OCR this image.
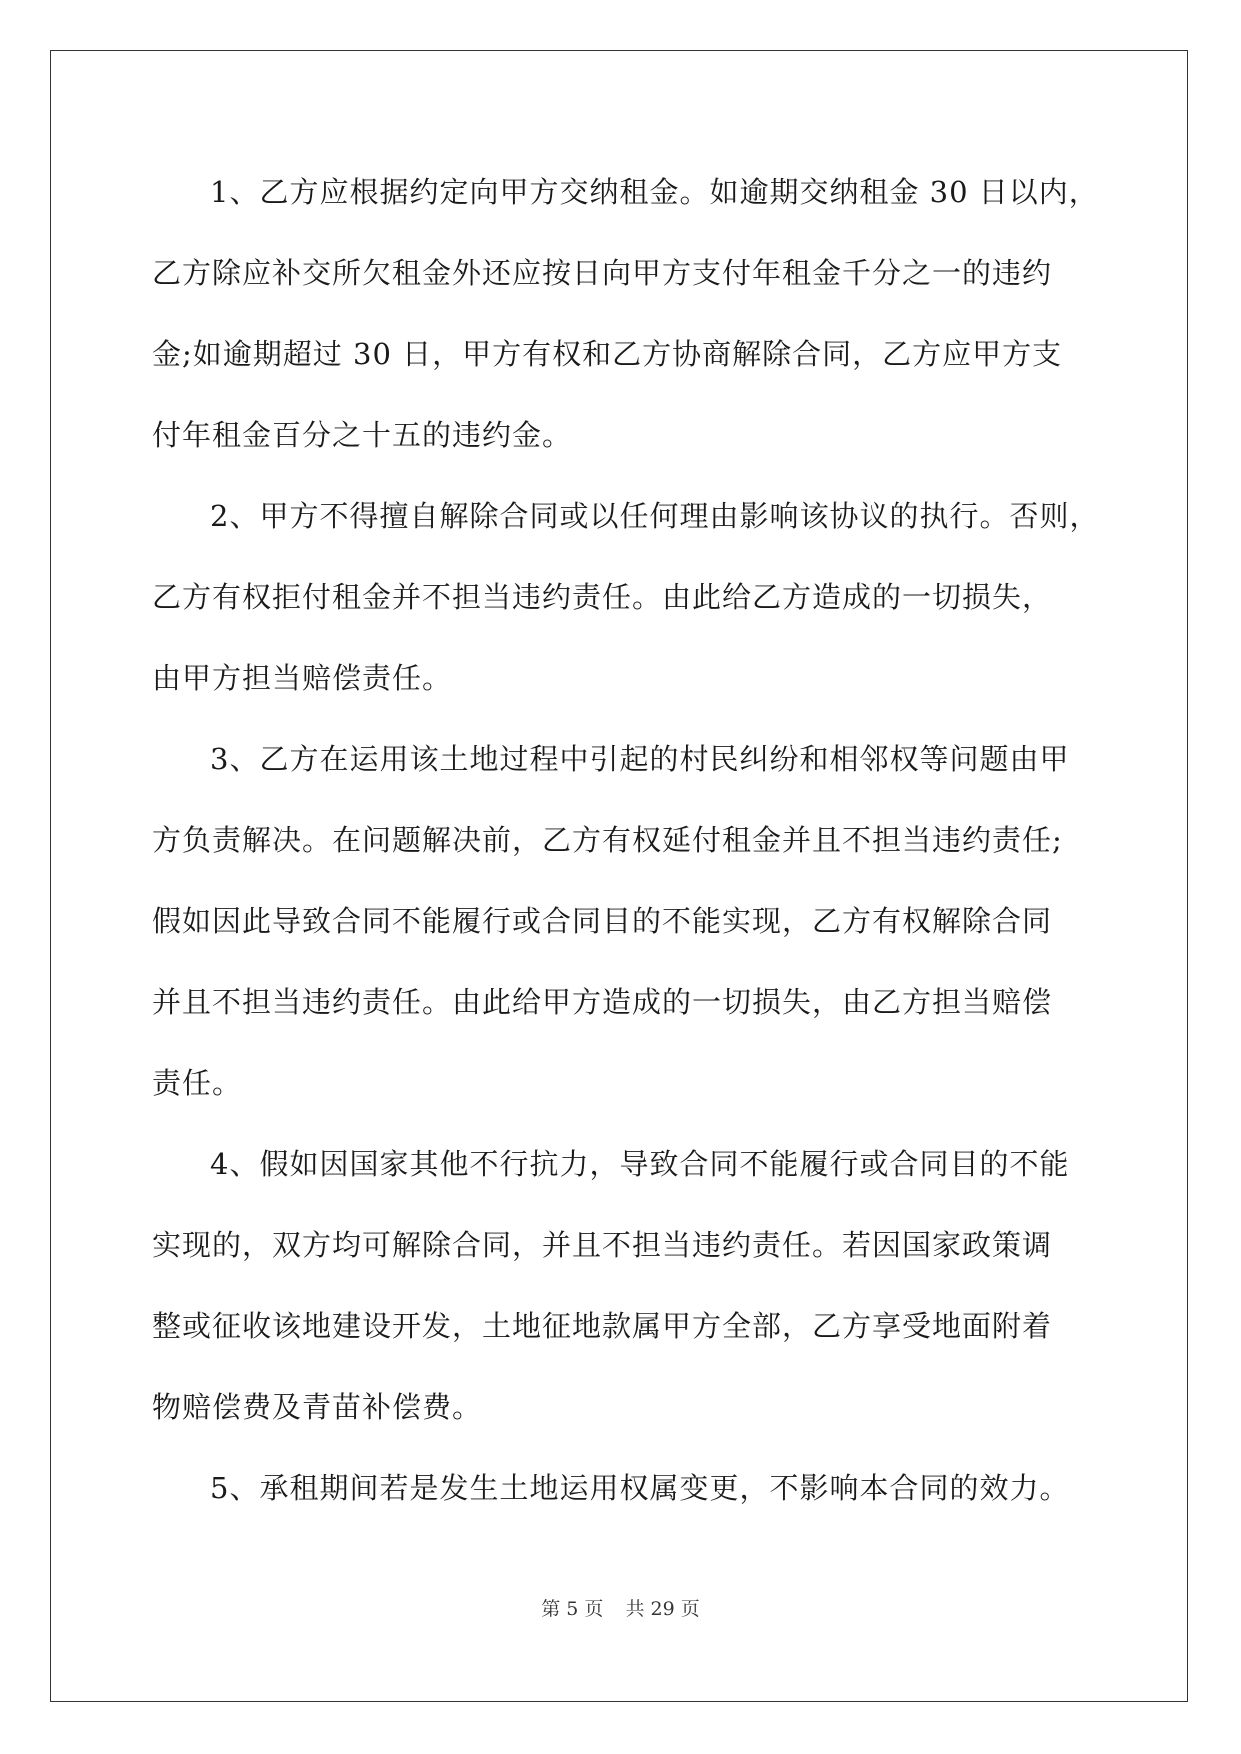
1、乙方应根据约定向甲方交纳租金。如逾期交纳租金 30 日以内，
乙方除应补交所欠租金外还应按日向甲方支付年租金千分之一的违约
金;如逾期超过 30 日，甲方有权和乙方协商解除合同，乙方应甲方支
付年租金百分之十五的违约金。
2、甲方不得擅自解除合同或以任何理由影响该协议的执行。否则，
乙方有权拒付租金并不担当违约责任。由此给乙方造成的一切损失，
由甲方担当赔偿责任。
3、乙方在运用该土地过程中引起的村民纠纷和相邻权等问题由甲
方负责解决。在问题解决前，乙方有权延付租金并且不担当违约责任;
假如因此导致合同不能履行或合同目的不能实现，乙方有权解除合同
并且不担当违约责任。由此给甲方造成的一切损失，由乙方担当赔偿
责任。
4、假如因国家其他不行抗力，导致合同不能履行或合同目的不能
实现的，双方均可解除合同，并且不担当违约责任。若因国家政策调
整或征收该地建设开发，土地征地款属甲方全部，乙方享受地面附着
物赔偿费及青苗补偿费。
5、承租期间若是发生土地运用权属变更，不影响本合同的效力。
第 5 页 共 29 页
